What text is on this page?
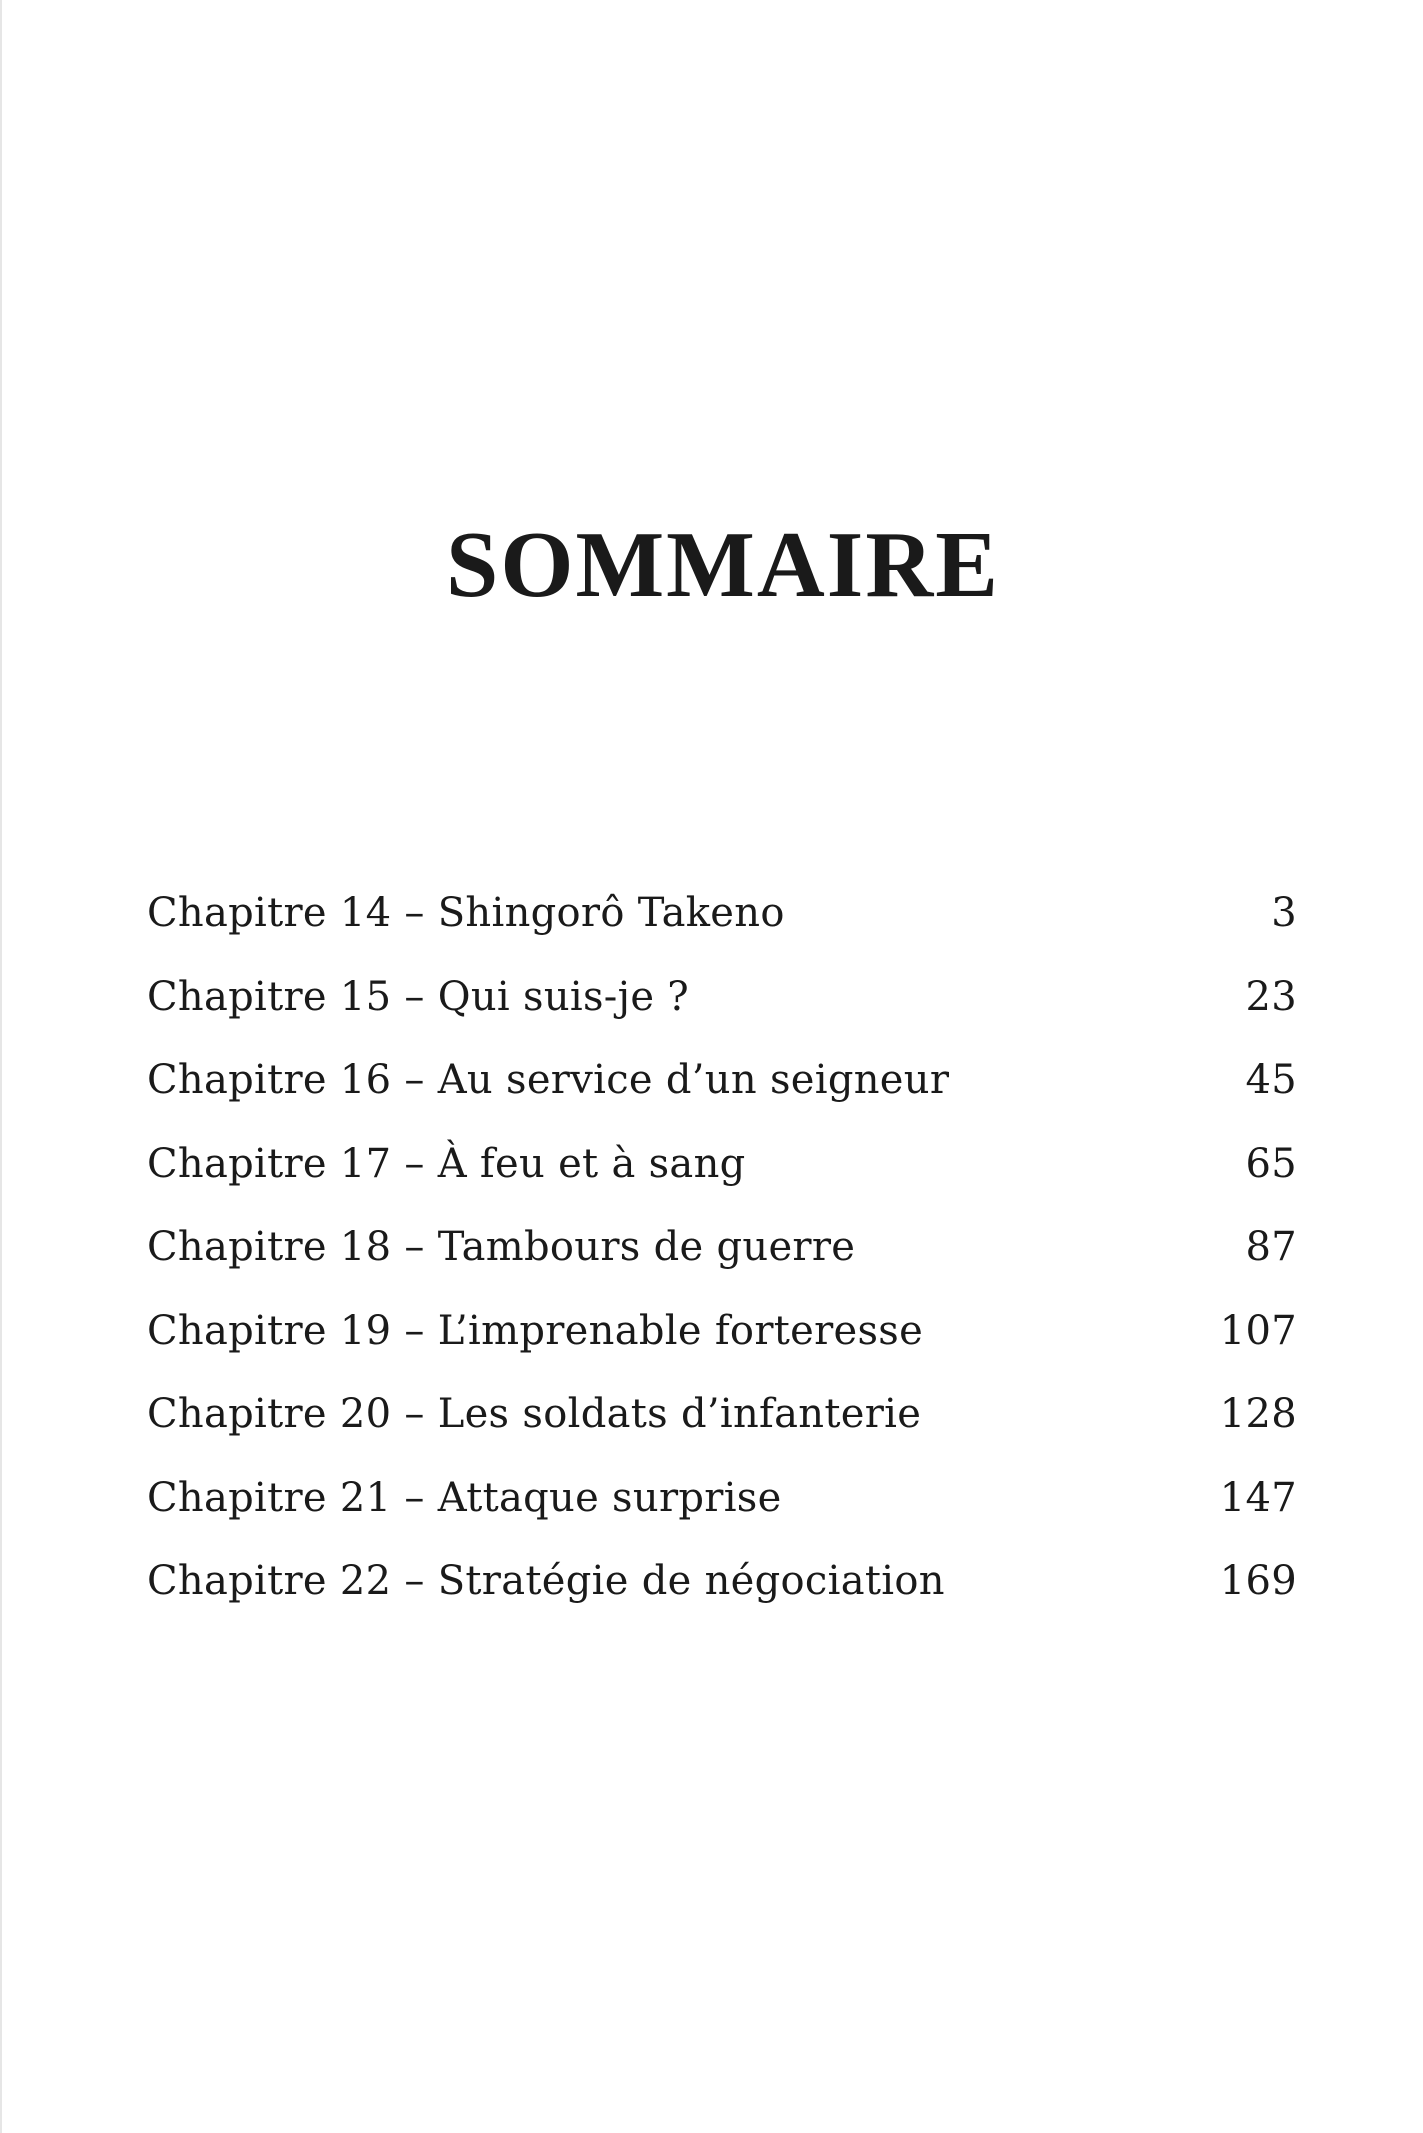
SOMMAIRE
Chapitre 14 – Shingorô Takeno	3
Chapitre 15 – Qui suis-je ?	23
Chapitre 16 – Au service d’un seigneur	45
Chapitre 17 – À feu et à sang	65
Chapitre 18 – Tambours de guerre	87
Chapitre 19 – L’imprenable forteresse	107
Chapitre 20 – Les soldats d’infanterie	128
Chapitre 21 – Attaque surprise	147
Chapitre 22 – Stratégie de négociation	169
